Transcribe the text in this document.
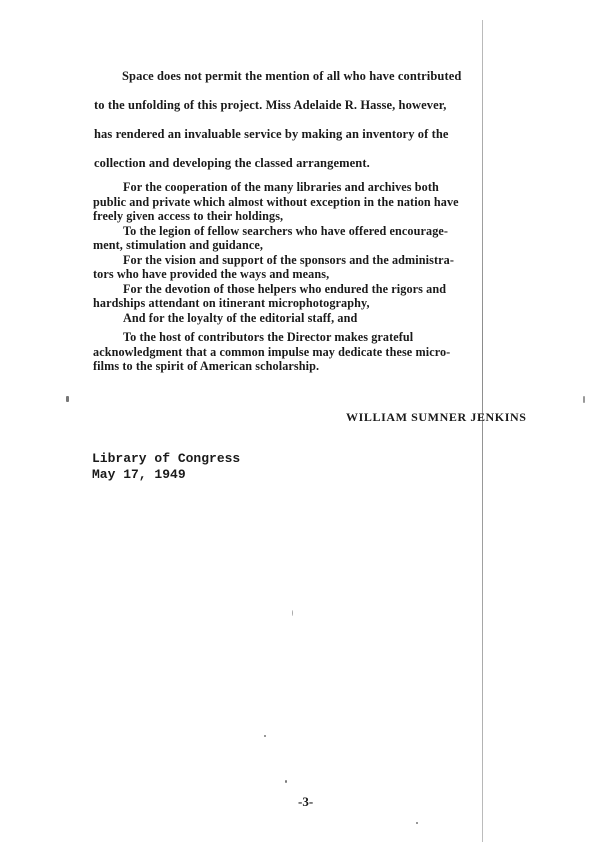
Space does not permit the mention of all who have contributed
to the unfolding of this project. Miss Adelaide R. Hasse, however,
has rendered an invaluable service by making an inventory of the
collection and developing the classed arrangement.
For the cooperation of the many libraries and archives both
public and private which almost without exception in the nation have
freely given access to their holdings,
To the legion of fellow searchers who have offered encourage-
ment, stimulation and guidance,
For the vision and support of the sponsors and the administra-
tors who have provided the ways and means,
For the devotion of those helpers who endured the rigors and
hardships attendant on itinerant microphotography,
And for the loyalty of the editorial staff, and
To the host of contributors the Director makes grateful
acknowledgment that a common impulse may dedicate these micro-
films to the spirit of American scholarship.
WILLIAM SUMNER JENKINS
Library of Congress
May 17, 1949
-3-
